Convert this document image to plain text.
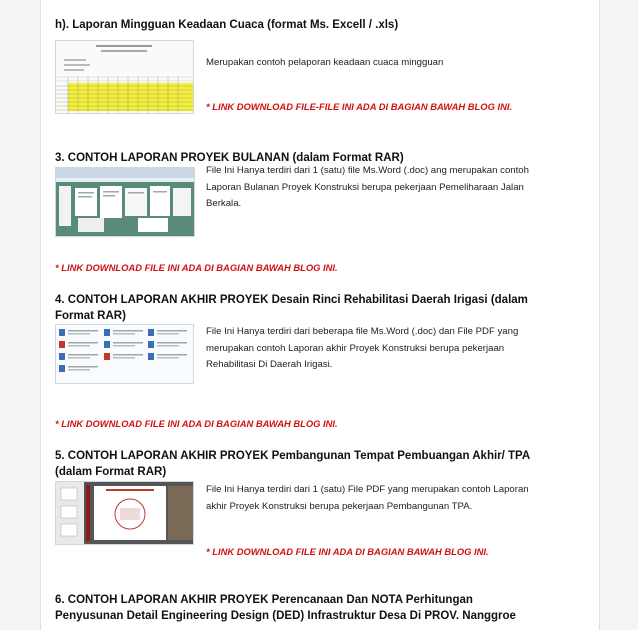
h). Laporan Mingguan Keadaan Cuaca (format Ms. Excell / .xls)
Merupakan contoh pelaporan keadaan cuaca mingguan
* LINK DOWNLOAD FILE-FILE INI ADA DI BAGIAN BAWAH BLOG INI.
3. CONTOH LAPORAN PROYEK BULANAN (dalam Format RAR)
File Ini Hanya terdiri dari 1 (satu) file Ms.Word (.doc) ang merupakan contoh
Laporan Bulanan Proyek Konstruksi berupa pekerjaan Pemeliharaan Jalan
Berkala.
* LINK DOWNLOAD FILE INI ADA DI BAGIAN BAWAH BLOG INI.
4. CONTOH LAPORAN AKHIR PROYEK Desain Rinci Rehabilitasi Daerah Irigasi (dalam
Format RAR)
File Ini Hanya terdiri dari beberapa file Ms.Word (.doc) dan File PDF yang
merupakan contoh Laporan akhir Proyek Konstruksi berupa pekerjaan
Rehabilitasi Di Daerah Irigasi.
* LINK DOWNLOAD FILE INI ADA DI BAGIAN BAWAH BLOG INI.
5. CONTOH LAPORAN AKHIR PROYEK Pembangunan Tempat Pembuangan Akhir/ TPA
(dalam Format RAR)
File Ini Hanya terdiri dari 1 (satu) File PDF yang merupakan contoh Laporan
akhir Proyek Konstruksi berupa pekerjaan Pembangunan TPA.
* LINK DOWNLOAD FILE INI ADA DI BAGIAN BAWAH BLOG INI.
6. CONTOH LAPORAN AKHIR PROYEK Perencanaan Dan NOTA Perhitungan
Penyusunan Detail Engineering Design (DED) Infrastruktur Desa Di PROV. Nanggroe
